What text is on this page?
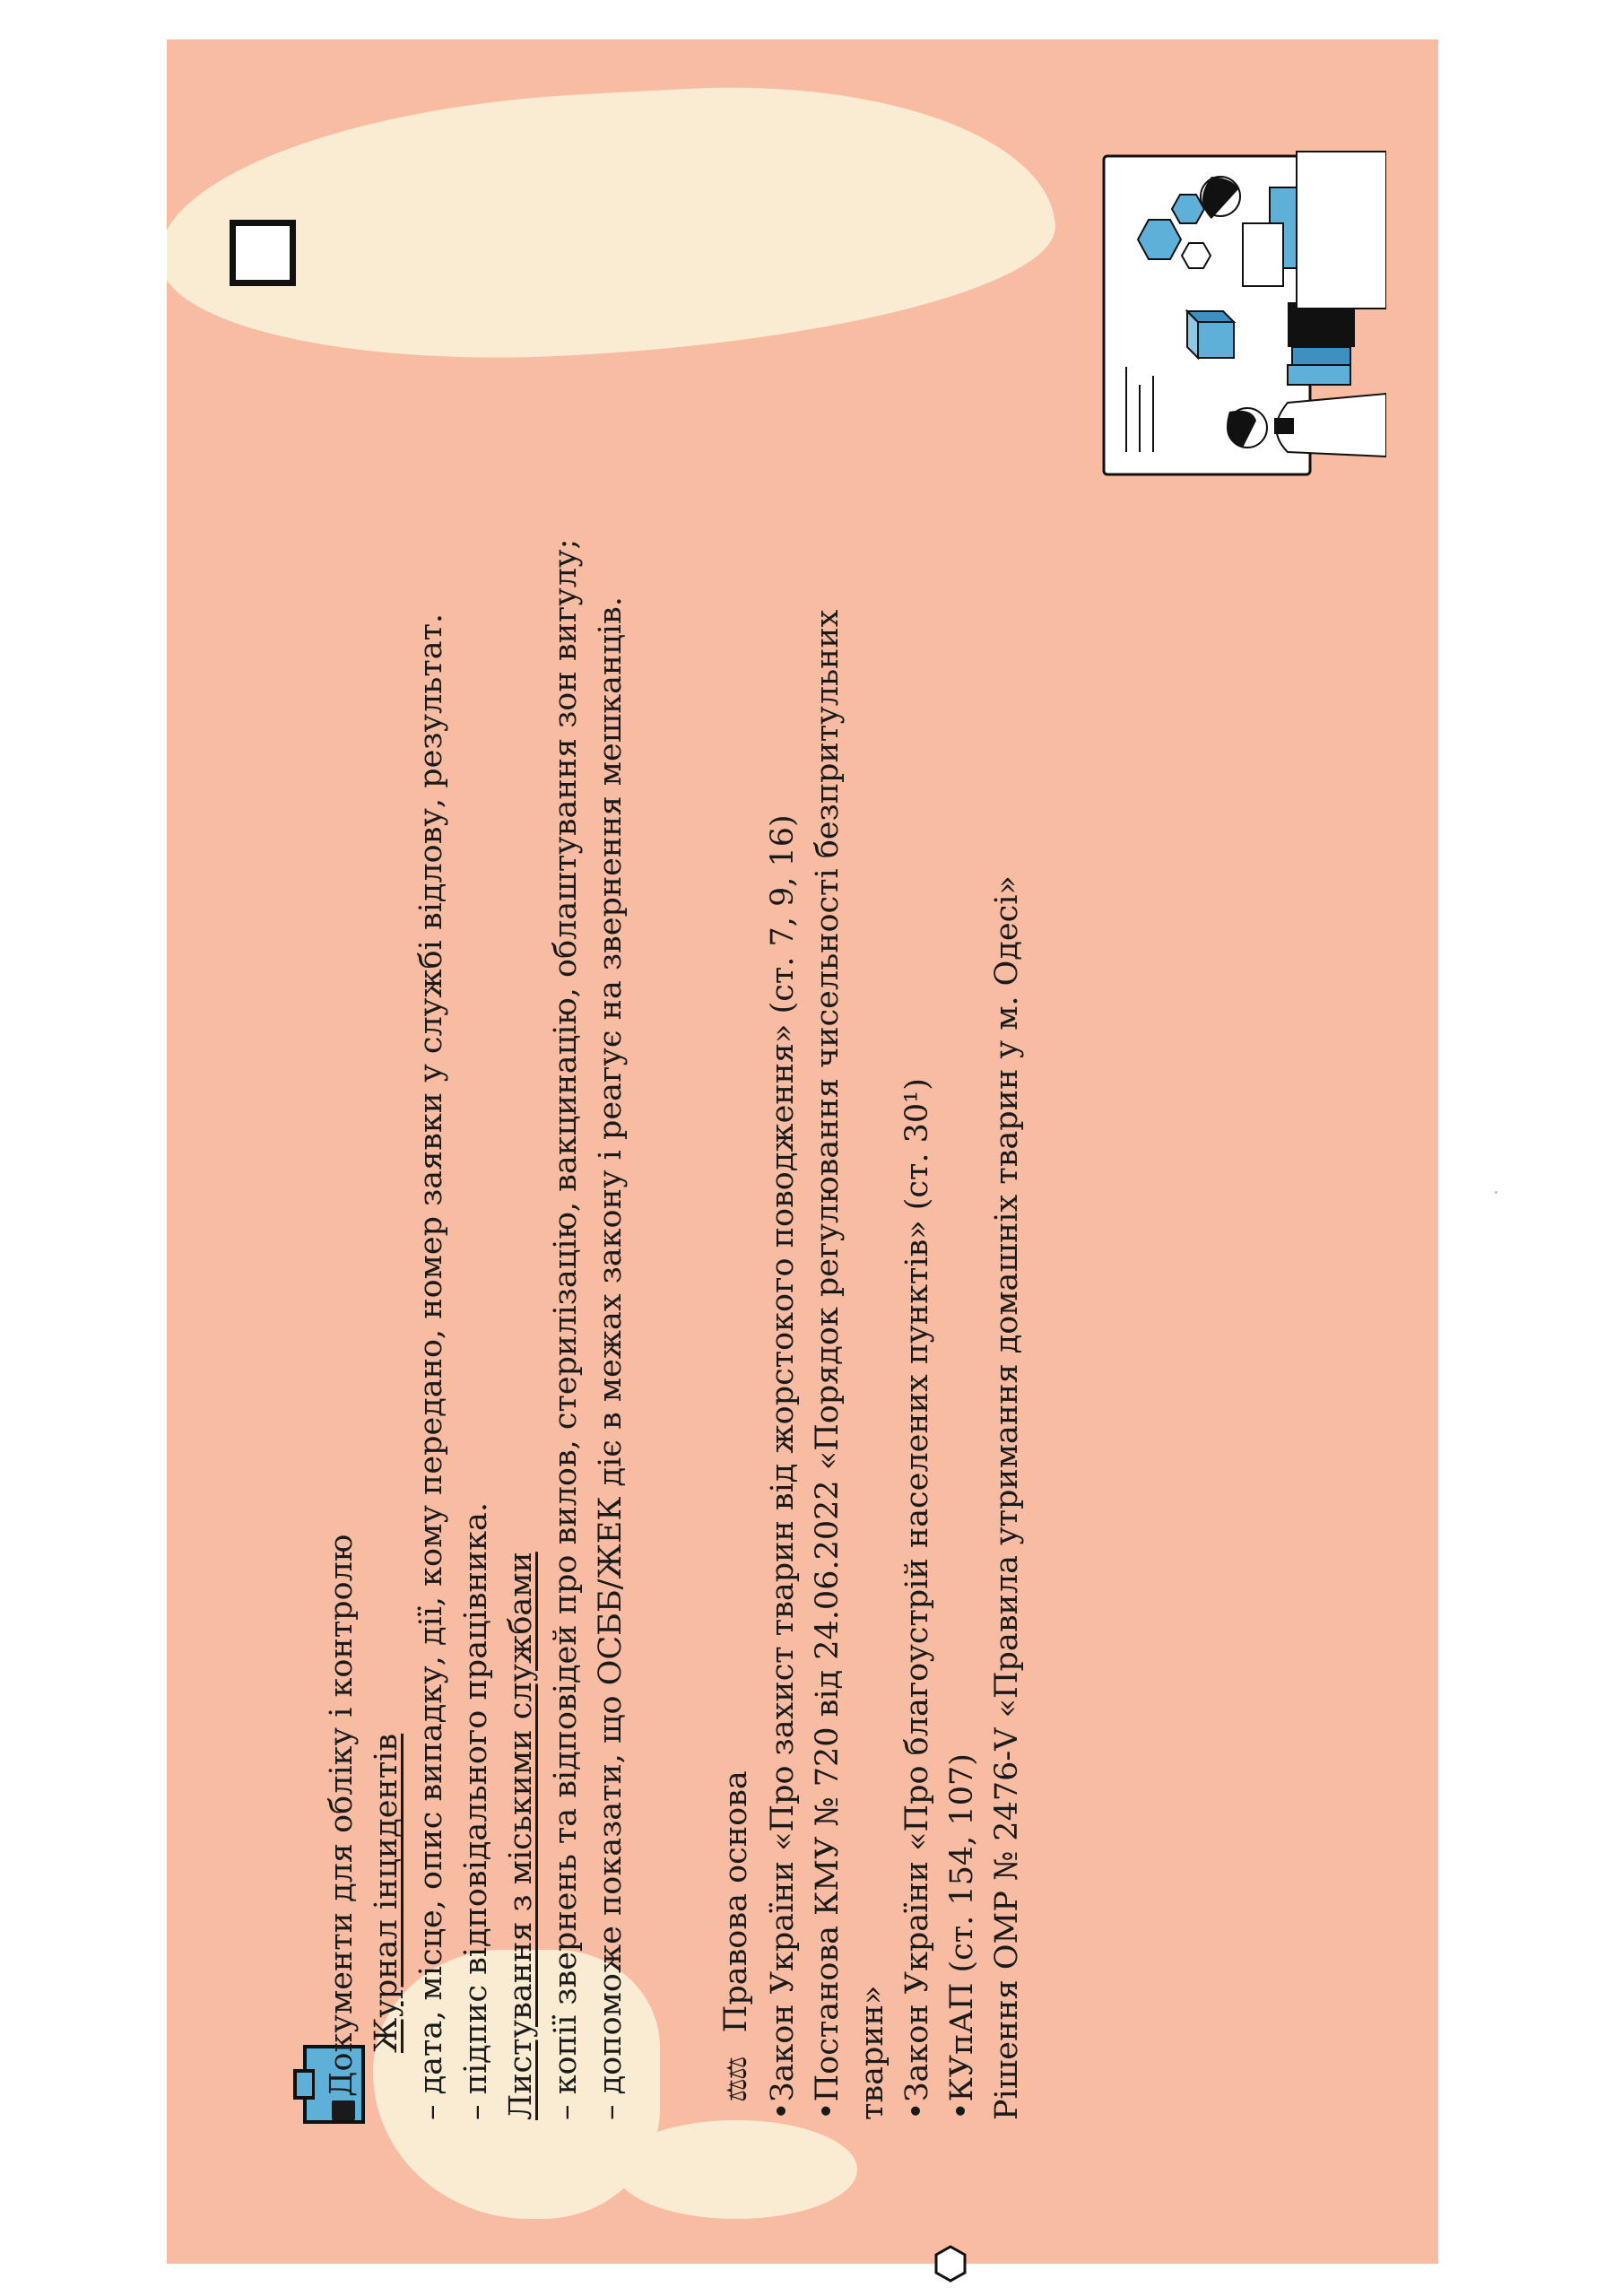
Документи для обліку і контролю Журнал інцидентів – дата, місце, опис випадку, дії, кому передано, номер заявки у службі відлову, результат. – підпис відповідального працівника. Листування з міськими службами – копії звернень та відповідей про вилов, стерилізацію, вакцинацію, облаштування зон вигулу; – допоможе показати, що ОСББ/ЖЕК діє в межах закону і реагує на звернення мешканців.	⚖⚖Правова основа •Закон України «Про захист тварин від жорстокого поводження» (ст. 7, 9, 16) •Постанова КМУ № 720 від 24.06.2022 «Порядок регулювання чисельності безпритульних тварин» •Закон України «Про благоустрій населених пунктів» (ст. 30¹) •КУпАП (ст. 154, 107) Рішення ОМР № 2476-V «Правила утримання домашніх тварин у м. Одесі»
